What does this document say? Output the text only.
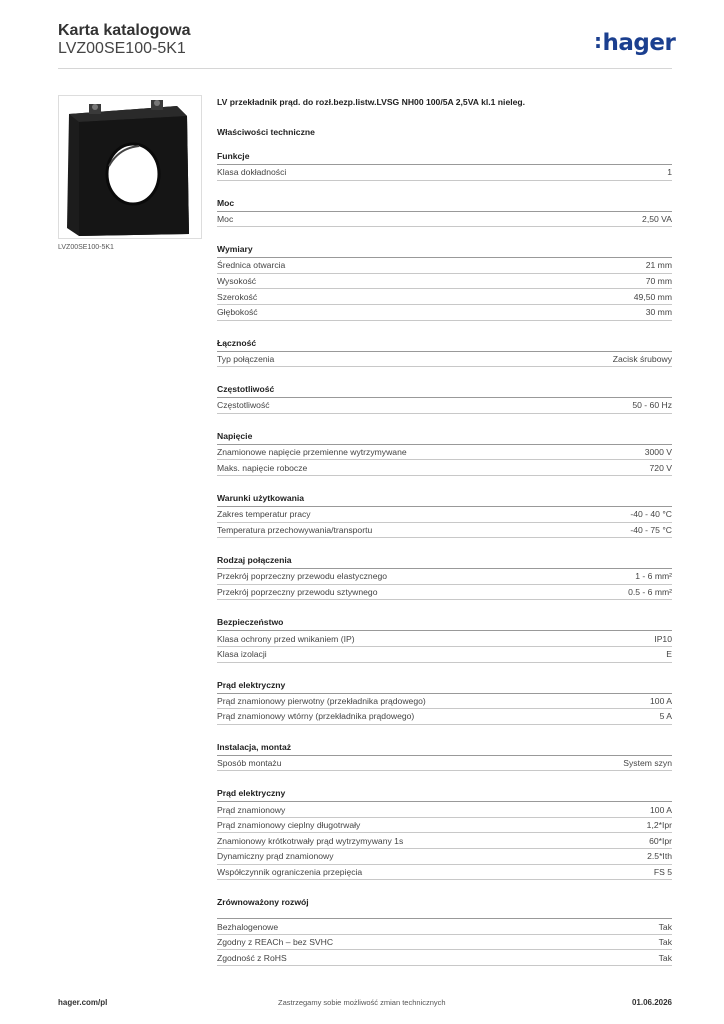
Karta katalogowa
LVZ00SE100-5K1	:hager
LVZ00SE100-5K1
LV przekładnik prąd. do rozł.bezp.listw.LVSG NH00 100/5A 2,5VA kl.1 nieleg.
Właściwości techniczne
Funkcje
Klasa dokładności	1
Moc
Moc	2,50 VA
Wymiary
Średnica otwarcia	21 mm
Wysokość	70 mm
Szerokość	49,50 mm
Głębokość	30 mm
Łączność
Typ połączenia	Zacisk śrubowy
Częstotliwość
Częstotliwość	50 - 60 Hz
Napięcie
Znamionowe napięcie przemienne wytrzymywane	3000 V
Maks. napięcie robocze	720 V
Warunki użytkowania
Zakres temperatur pracy	-40 - 40 °C
Temperatura przechowywania/transportu	-40 - 75 °C
Rodzaj połączenia
Przekrój poprzeczny przewodu elastycznego	1 - 6 mm²
Przekrój poprzeczny przewodu sztywnego	0.5 - 6 mm²
Bezpieczeństwo
Klasa ochrony przed wnikaniem (IP)	IP10
Klasa izolacji	E
Prąd elektryczny
Prąd znamionowy pierwotny (przekładnika prądowego)	100 A
Prąd znamionowy wtórny (przekładnika prądowego)	5 A
Instalacja, montaż
Sposób montażu	System szyn
Prąd elektryczny
Prąd znamionowy	100 A
Prąd znamionowy cieplny długotrwały	1,2*Ipr
Znamionowy krótkotrwały prąd wytrzymywany 1s	60*Ipr
Dynamiczny prąd znamionowy	2.5*Ith
Współczynnik ograniczenia przepięcia	FS 5
Zrównoważony rozwój
Bezhalogenowe	Tak
Zgodny z REACh – bez SVHC	Tak
Zgodność z RoHS	Tak
hager.com/pl	Zastrzegamy sobie możliwość zmian technicznych	01.06.2026
